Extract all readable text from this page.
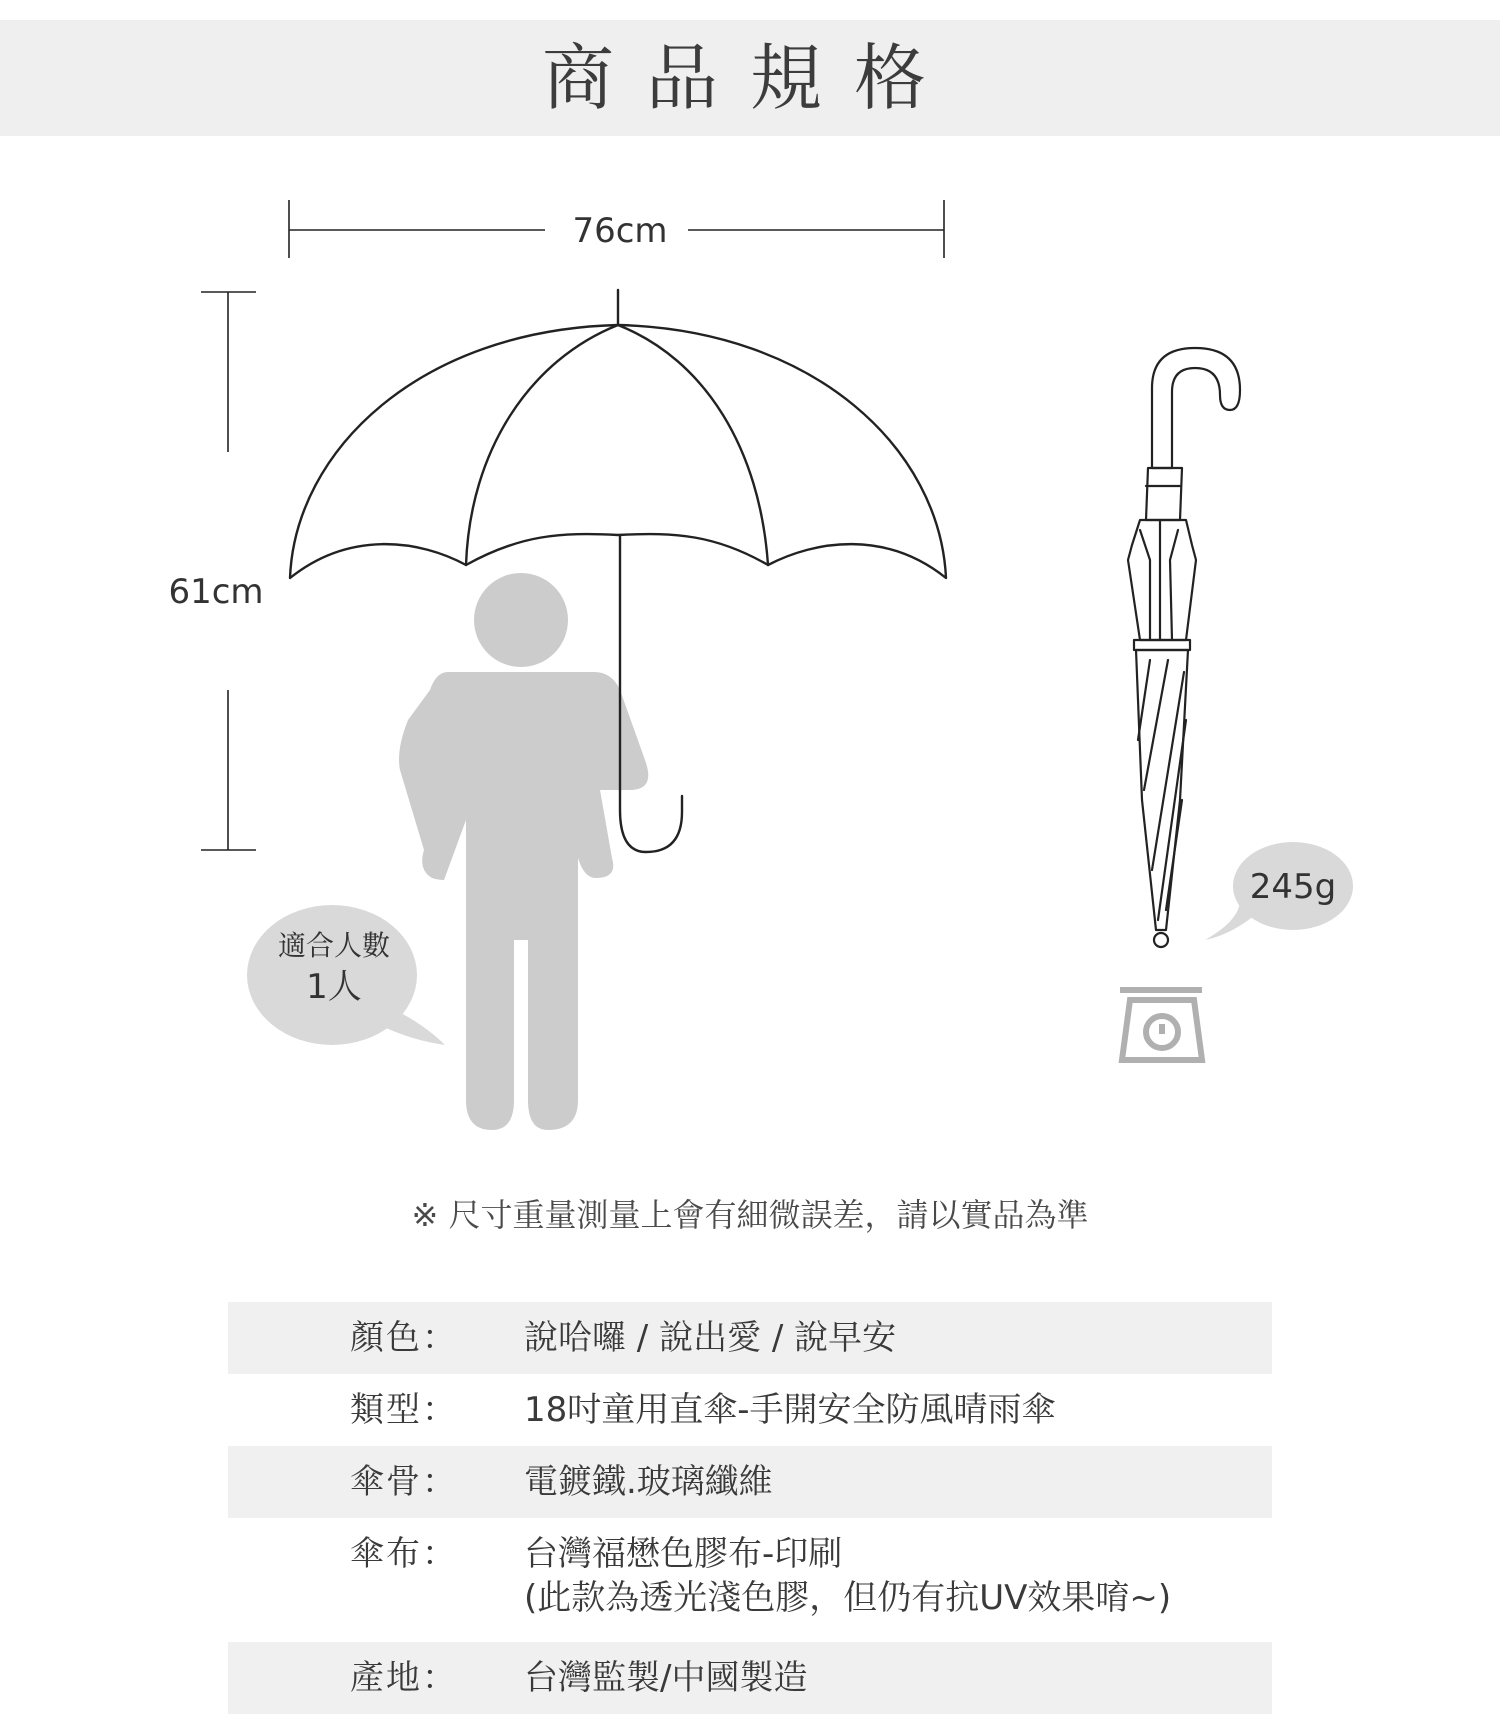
商品規格
76cm
61cm
適合人數
1人
245g
※ 尺寸重量測量上會有細微誤差，請以實品為準
顏色： 說哈囉 / 說出愛 / 說早安
類型： 18吋童用直傘-手開安全防風晴雨傘
傘骨： 電鍍鐵.玻璃纖維
傘布： 台灣福懋色膠布-印刷
(此款為透光淺色膠，但仍有抗UV效果唷~)
產地： 台灣監製/中國製造
